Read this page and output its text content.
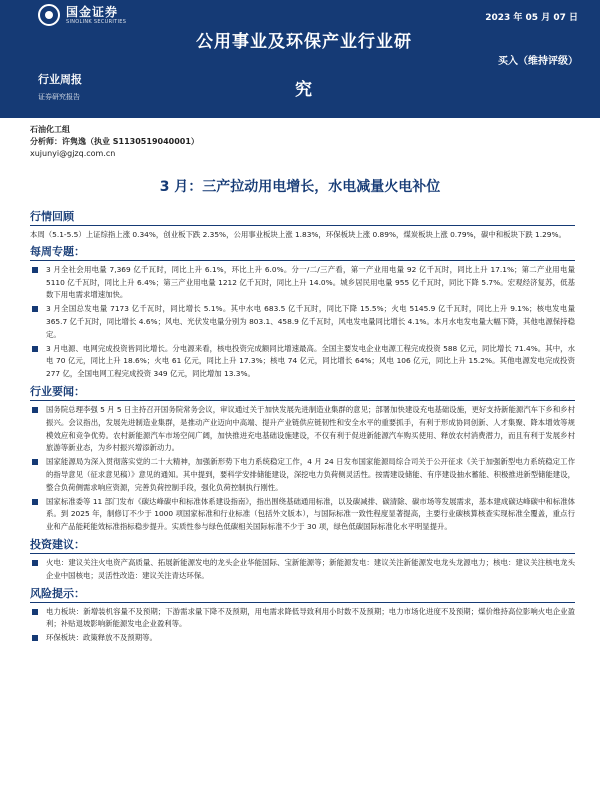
国金证券
SINOLINK SECURITIES
行业周报
证券研究报告
公用事业及环保产业行业研
究
2023 年 05 月 07 日
买入（维持评级）
石油化工组
分析师：许隽逸（执业 S1130519040001）
xujunyi@gjzq.com.cn
3 月：三产拉动用电增长，水电减量火电补位
行情回顾

本周（5.1-5.5）上证综指上涨 0.34%，创业板下跌 2.35%，公用事业板块上涨 1.83%，环保板块上涨 0.89%，煤炭板块上涨 0.79%，碳中和板块下跌 1.29%。

每周专题：
3 月全社会用电量 7,369 亿千瓦时，同比上升 6.1%，环比上升 6.0%。分一/二/三产看，第一产业用电量 92 亿千瓦时，同比上升 17.1%；第二产业用电量 5110 亿千瓦时，同比上升 6.4%；第三产业用电量 1212 亿千瓦时，同比上升 14.0%。城乡居民用电量 955 亿千瓦时，同比下降 5.7%。宏观经济复苏，低基数下用电需求增速加快。
3 月全国总发电量 7173 亿千瓦时，同比增长 5.1%。其中水电 683.5 亿千瓦时，同比下降 15.5%；火电 5145.9 亿千瓦时，同比上升 9.1%；核电发电量 365.7 亿千瓦时，同比增长 4.6%；风电、光伏发电量分别为 803.1、458.9 亿千瓦时，风电发电量同比增长 4.1%。本月水电发电量大幅下降，其他电源保持稳定。
3 月电源、电网完成投资皆同比增长。分电源来看，核电投资完成额同比增速最高。全国主要发电企业电源工程完成投资 588 亿元，同比增长 71.4%。其中，水电 70 亿元，同比上升 18.6%；火电 61 亿元，同比上升 17.3%；核电 74 亿元，同比增长 64%；风电 106 亿元，同比上升 15.2%。其他电源发电完成投资 277 亿，全国电网工程完成投资 349 亿元，同比增加 13.3%。
行业要闻：
国务院总理李强 5 月 5 日主持召开国务院常务会议，审议通过关于加快发展先进制造业集群的意见；部署加快建设充电基础设施，更好支持新能源汽车下乡和乡村振兴。会议指出，发展先进制造业集群，是推动产业迈向中高端、提升产业链供应链韧性和安全水平的重要抓手，有利于形成协同创新、人才集聚、降本增效等规模效应和竞争优势。农村新能源汽车市场空间广阔，加快推进充电基础设施建设，不仅有利于促进新能源汽车购买使用、释放农村消费潜力，而且有利于发展乡村旅游等新业态，为乡村振兴增添新动力。
国家能源局为深入贯彻落实党的二十大精神，加强新形势下电力系统稳定工作，4 月 24 日发布国家能源局综合司关于公开征求《关于加强新型电力系统稳定工作的指导意见（征求意见稿）》意见的通知。其中提到，要科学安排储能建设，深挖电力负荷侧灵活性。按需建设储能、有序建设抽水蓄能、积极推进新型储能建设，整合负荷侧需求响应资源，完善负荷控制手段，强化负荷控制执行刚性。
国家标准委等 11 部门发布《碳达峰碳中和标准体系建设指南》，指出围绕基础通用标准，以及碳减排、碳清除、碳市场等发展需求，基本建成碳达峰碳中和标准体系。到 2025 年，制修订不少于 1000 项国家标准和行业标准（包括外文版本），与国际标准一致性程度显著提高，主要行业碳核算核查实现标准全覆盖，重点行业和产品能耗能效标准指标稳步提升。实质性参与绿色低碳相关国际标准不少于 30 项，绿色低碳国际标准化水平明显提升。
投资建议：
火电：建议关注火电资产高质量、拓展新能源发电的龙头企业华能国际、宝新能源等；新能源发电：建议关注新能源发电龙头龙源电力；核电：建议关注核电龙头企业中国核电；灵活性改造：建议关注青达环保。
风险提示：
电力板块：新增装机容量不及预期；下游需求量下降不及预期，用电需求降低导致利用小时数不及预期；电力市场化进度不及预期；煤价维持高位影响火电企业盈利；补贴退坡影响新能源发电企业盈利等。
环保板块：政策释放不及预期等。
